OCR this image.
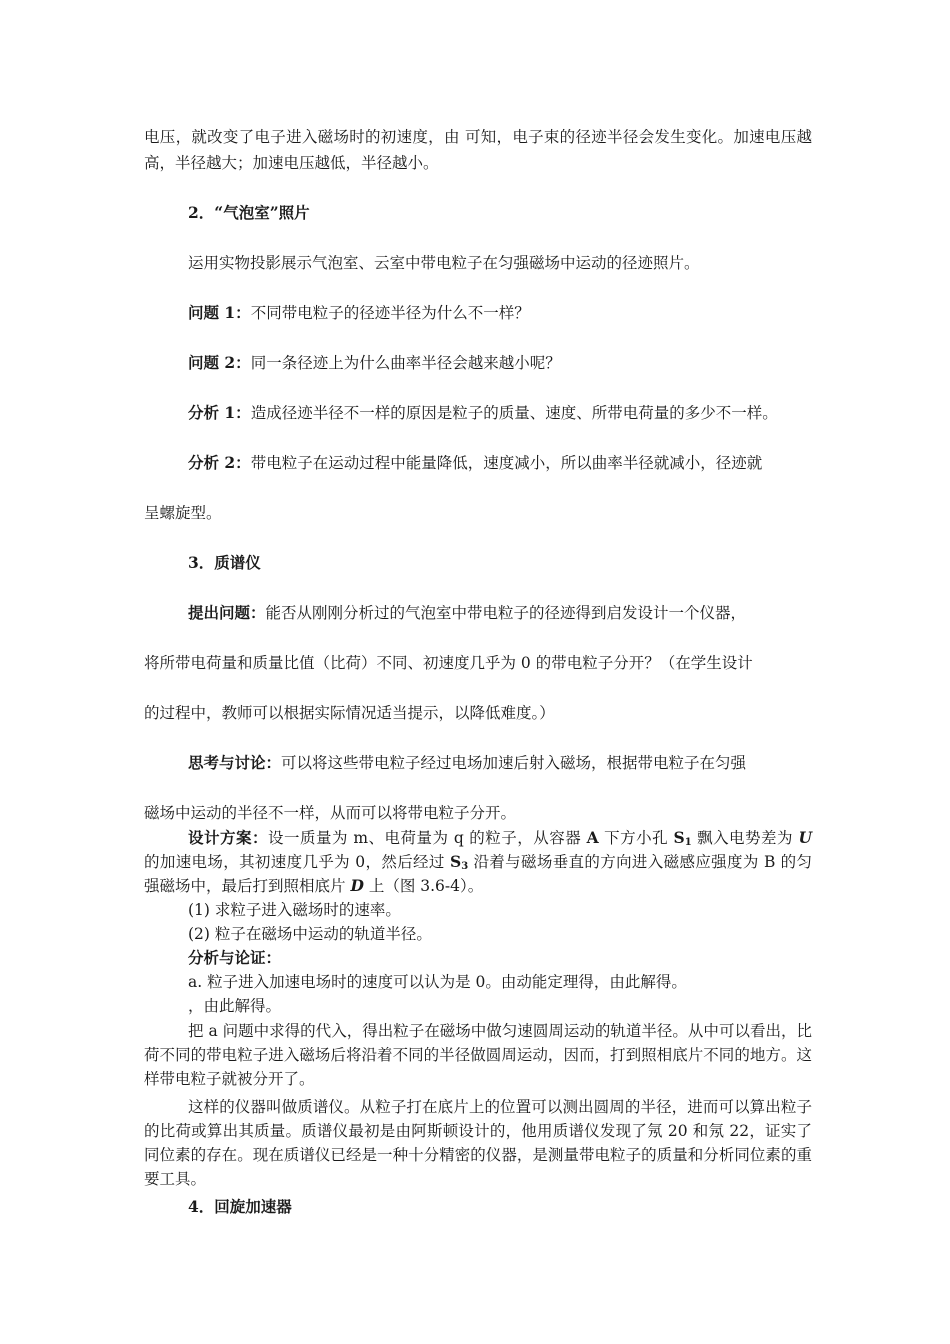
电压，就改变了电子进入磁场时的初速度，由 可知，电子束的径迹半径会发生变化。加速电压越高，半径越大；加速电压越低，半径越小。

2．“气泡室”照片

运用实物投影展示气泡室、云室中带电粒子在匀强磁场中运动的径迹照片。

问题 1：不同带电粒子的径迹半径为什么不一样？

问题 2：同一条径迹上为什么曲率半径会越来越小呢？

分析 1：造成径迹半径不一样的原因是粒子的质量、速度、所带电荷量的多少不一样。

分析 2：带电粒子在运动过程中能量降低，速度减小，所以曲率半径就减小，径迹就

呈螺旋型。

3．质谱仪

提出问题：能否从刚刚分析过的气泡室中带电粒子的径迹得到启发设计一个仪器，

将所带电荷量和质量比值（比荷）不同、初速度几乎为 0 的带电粒子分开？（在学生设计

的过程中，教师可以根据实际情况适当提示，以降低难度。）

思考与讨论：可以将这些带电粒子经过电场加速后射入磁场，根据带电粒子在匀强

磁场中运动的半径不一样，从而可以将带电粒子分开。

设计方案：设一质量为 m、电荷量为 q 的粒子，从容器 A 下方小孔 $S_1$ 飘入电势差为 U 的加速电场，其初速度几乎为 0，然后经过 $S_3$ 沿着与磁场垂直的方向进入磁感应强度为 B 的匀强磁场中，最后打到照相底片 D 上（图 3.6-4）。

(1) 求粒子进入磁场时的速率。

(2) 粒子在磁场中运动的轨道半径。

分析与论证：

a. 粒子进入加速电场时的速度可以认为是 0。由动能定理得，由此解得。

，由此解得。

把 a 问题中求得的代入，得出粒子在磁场中做匀速圆周运动的轨道半径。从中可以看出，比荷不同的带电粒子进入磁场后将沿着不同的半径做圆周运动，因而，打到照相底片不同的地方。这样带电粒子就被分开了。

这样的仪器叫做质谱仪。从粒子打在底片上的位置可以测出圆周的半径，进而可以算出粒子的比荷或算出其质量。质谱仪最初是由阿斯顿设计的，他用质谱仪发现了氖 20 和氖 22，证实了同位素的存在。现在质谱仪已经是一种十分精密的仪器，是测量带电粒子的质量和分析同位素的重要工具。

4．回旋加速器
